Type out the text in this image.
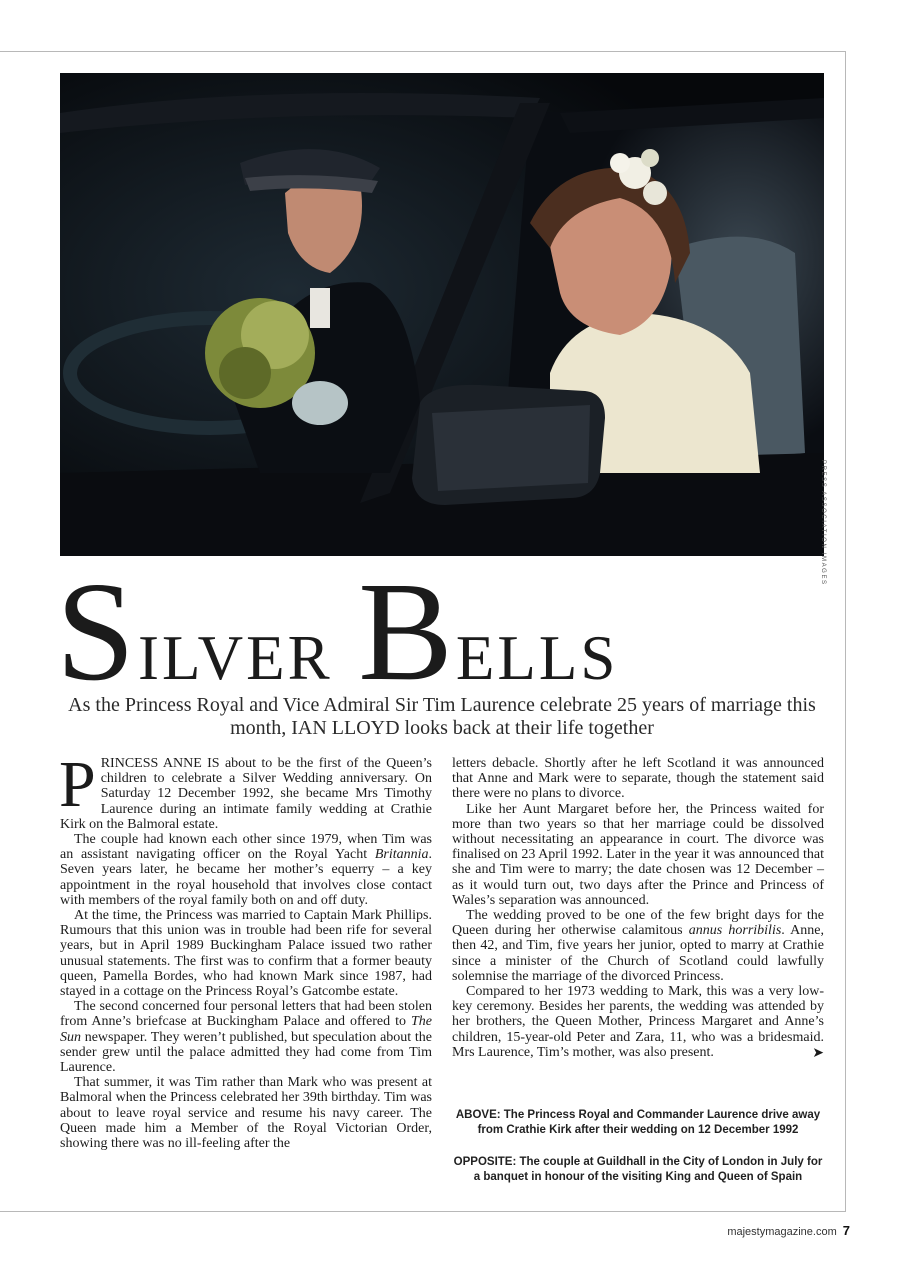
PRESS ASSOCIATION IMAGES
Silver Bells
As the Princess Royal and Vice Admiral Sir Tim Laurence celebrate 25 years of marriage this month, IAN LLOYD looks back at their life together

PRINCESS ANNE IS about to be the first of the Queen’s children to celebrate a Silver Wedding anniversary. On Saturday 12 December 1992, she became Mrs Timothy Laurence during an intimate family wedding at Crathie Kirk on the Balmoral estate.

The couple had known each other since 1979, when Tim was an assistant navigating officer on the Royal Yacht Britannia. Seven years later, he became her mother’s equerry – a key appointment in the royal household that involves close contact with members of the royal family both on and off duty.

At the time, the Princess was married to Captain Mark Phillips. Rumours that this union was in trouble had been rife for several years, but in April 1989 Buckingham Palace issued two rather unusual statements. The first was to confirm that a former beauty queen, Pamella Bordes, who had known Mark since 1987, had stayed in a cottage on the Princess Royal’s Gatcombe estate.

The second concerned four personal letters that had been stolen from Anne’s briefcase at Buckingham Palace and offered to The Sun newspaper. They weren’t published, but speculation about the sender grew until the palace admitted they had come from Tim Laurence.

That summer, it was Tim rather than Mark who was present at Balmoral when the Princess celebrated her 39th birthday. Tim was about to leave royal service and resume his navy career. The Queen made him a Member of the Royal Victorian Order, showing there was no ill-feeling after the

letters debacle. Shortly after he left Scotland it was announced that Anne and Mark were to separate, though the statement said there were no plans to divorce.

Like her Aunt Margaret before her, the Princess waited for more than two years so that her marriage could be dissolved without necessitating an appearance in court. The divorce was finalised on 23 April 1992. Later in the year it was announced that she and Tim were to marry; the date chosen was 12 December – as it would turn out, two days after the Prince and Princess of Wales’s separation was announced.

The wedding proved to be one of the few bright days for the Queen during her otherwise calamitous annus horribilis. Anne, then 42, and Tim, five years her junior, opted to marry at Crathie since a minister of the Church of Scotland could lawfully solemnise the marriage of the divorced Princess.

Compared to her 1973 wedding to Mark, this was a very low-key ceremony. Besides her parents, the wedding was attended by her brothers, the Queen Mother, Princess Margaret and Anne’s children, 15-year-old Peter and Zara, 11, who was a bridesmaid. Mrs Laurence, Tim’s mother, was also present.	➤

ABOVE: The Princess Royal and Commander Laurence drive away from Crathie Kirk after their wedding on 12 December 1992
OPPOSITE: The couple at Guildhall in the City of London in July for a banquet in honour of the visiting King and Queen of Spain
majestymagazine.com 7
